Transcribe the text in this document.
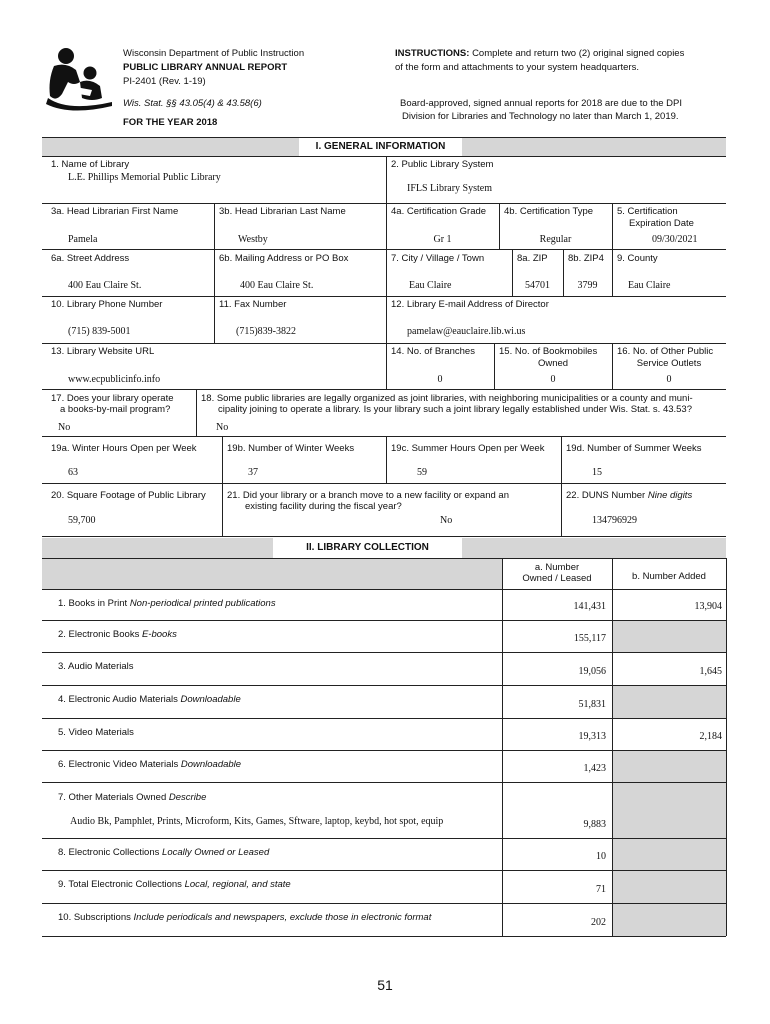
Wisconsin Department of Public Instruction
PUBLIC LIBRARY ANNUAL REPORT
PI-2401 (Rev. 1-19)
Wis. Stat. §§ 43.05(4) & 43.58(6)
FOR THE YEAR 2018
INSTRUCTIONS: Complete and return two (2) original signed copies
of the form and attachments to your system headquarters.
Board-approved, signed annual reports for 2018 are due to the DPI
Division for Libraries and Technology no later than March 1, 2019.
I. GENERAL INFORMATION
1. Name of Library
L.E. Phillips Memorial Public Library
2. Public Library System
IFLS Library System
3a. Head Librarian First Name
Pamela
3b. Head Librarian Last Name
Westby
4a. Certification Grade
Gr 1
4b. Certification Type
Regular
5. Certification
Expiration Date
09/30/2021
6a. Street Address
400 Eau Claire St.
6b. Mailing Address or PO Box
400 Eau Claire St.
7. City / Village / Town
Eau Claire
8a. ZIP
54701
8b. ZIP4
3799
9. County
Eau Claire
10. Library Phone Number
(715) 839-5001
11. Fax Number
(715)839-3822
12. Library E-mail Address of Director
pamelaw@eauclaire.lib.wi.us
13. Library Website URL
www.ecpublicinfo.info
14. No. of Branches
0
15. No. of Bookmobiles
Owned
0
16. No. of Other Public
Service Outlets
0
17. Does your library operate
a books-by-mail program?
No
18. Some public libraries are legally organized as joint libraries, with neighboring municipalities or a county and muni-
cipality joining to operate a library. Is your library such a joint library legally established under Wis. Stat. s. 43.53?
No
19a. Winter Hours Open per Week
63
19b. Number of Winter Weeks
37
19c. Summer Hours Open per Week
59
19d. Number of Summer Weeks
15
20. Square Footage of Public Library
59,700
21. Did your library or a branch move to a new facility or expand an
existing facility during the fiscal year?
No
22. DUNS Number Nine digits
134796929
II. LIBRARY COLLECTION
a. Number
Owned / Leased	b. Number Added
1. Books in Print Non-periodical printed publications	141,431	13,904
2. Electronic Books E-books	155,117
3. Audio Materials	19,056	1,645
4. Electronic Audio Materials Downloadable	51,831
5. Video Materials	19,313	2,184
6. Electronic Video Materials Downloadable	1,423
7. Other Materials Owned Describe
Audio Bk, Pamphlet, Prints, Microform, Kits, Games, Sftware, laptop, keybd, hot spot, equip	9,883
8. Electronic Collections Locally Owned or Leased	10
9. Total Electronic Collections Local, regional, and state	71
10. Subscriptions Include periodicals and newspapers, exclude those in electronic format	202
51
